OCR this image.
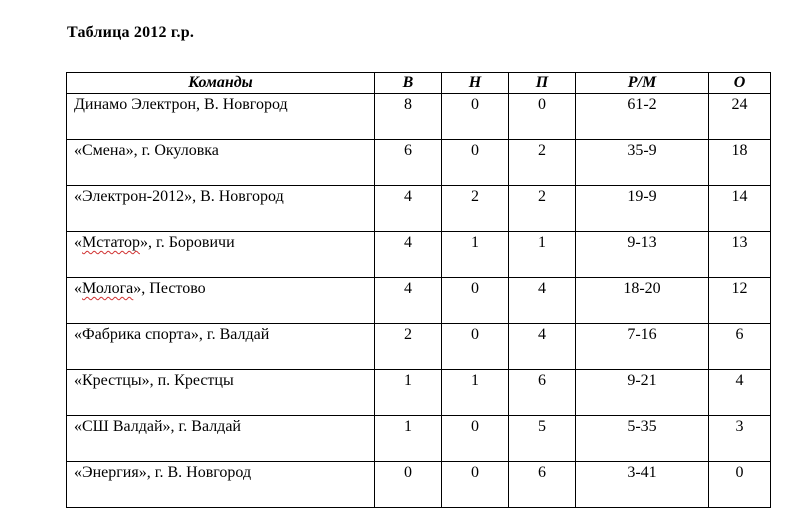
Таблица 2012 г.р.
Команды	В	Н	П	Р/М	О
Динамо Электрон, В. Новгород	8	0	0	61-2	24
«Смена», г. Окуловка	6	0	2	35-9	18
«Электрон-2012», В. Новгород	4	2	2	19-9	14
«Мстатор», г. Боровичи	4	1	1	9-13	13
«Молога», Пестово	4	0	4	18-20	12
«Фабрика спорта», г. Валдай	2	0	4	7-16	6
«Крестцы», п. Крестцы	1	1	6	9-21	4
«СШ Валдай», г. Валдай	1	0	5	5-35	3
«Энергия», г. В. Новгород	0	0	6	3-41	0
